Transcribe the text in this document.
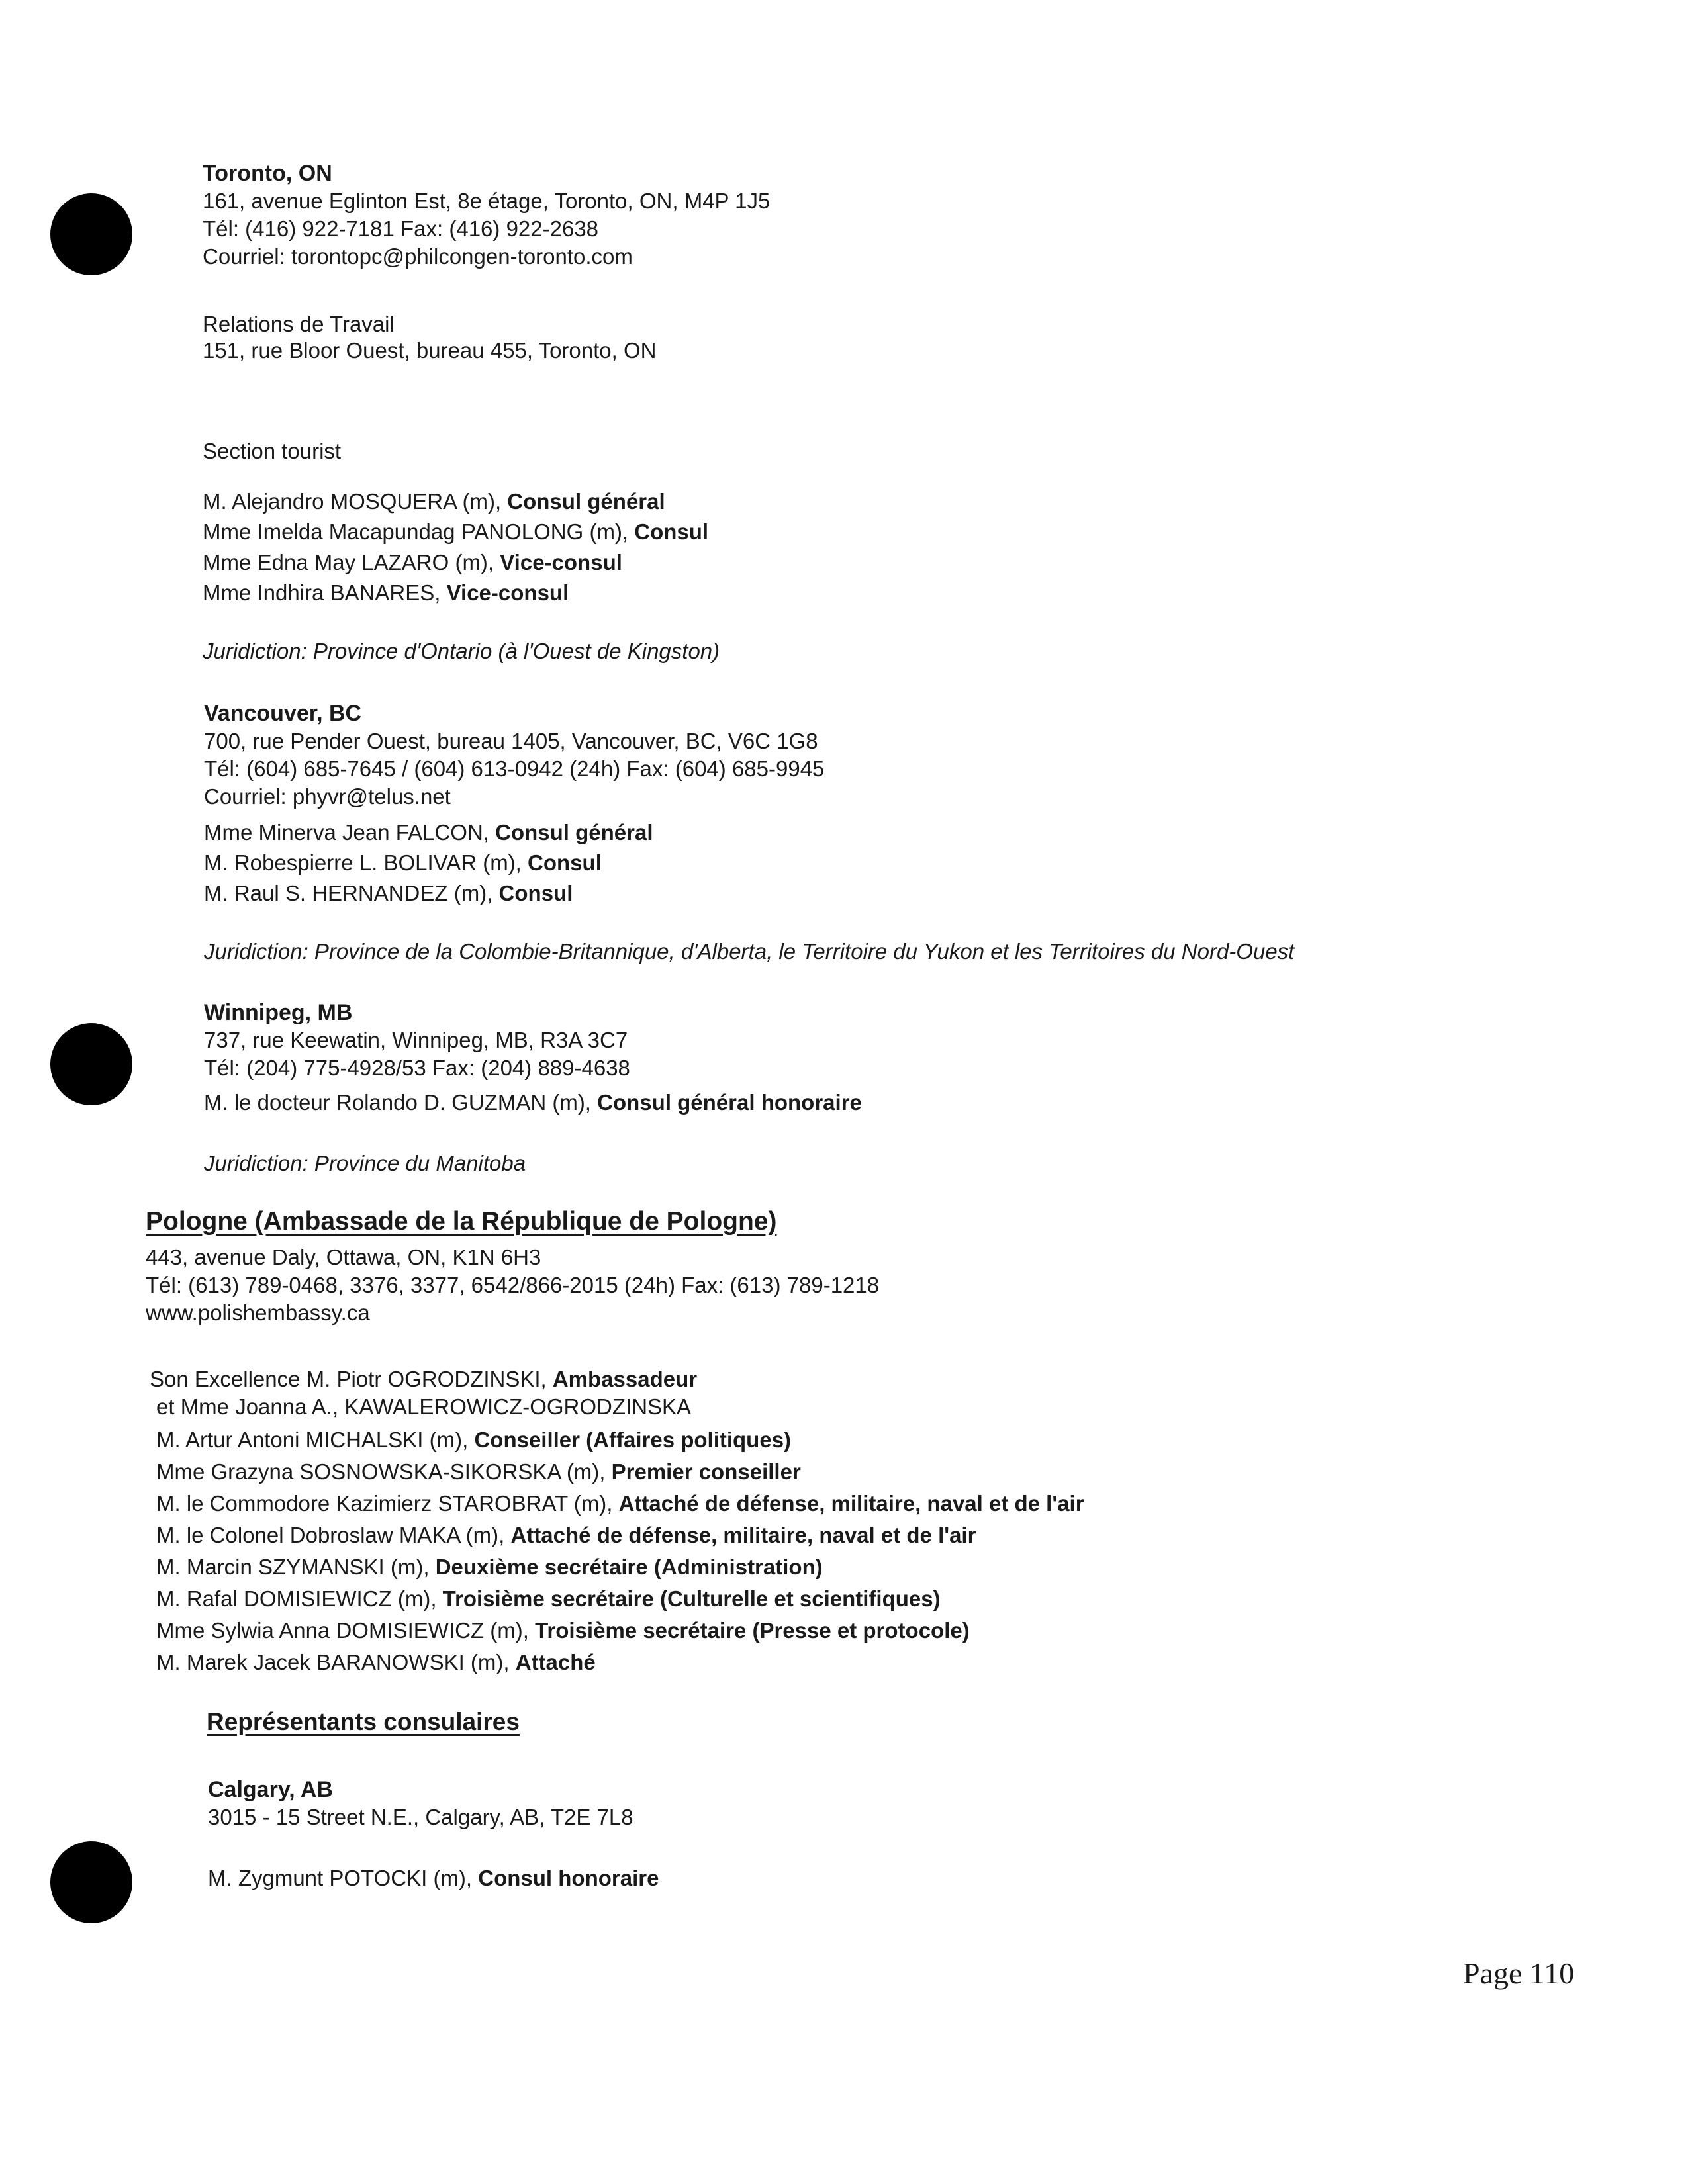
Toronto, ON
161, avenue Eglinton Est, 8e étage, Toronto, ON, M4P 1J5
Tél: (416) 922-7181 Fax: (416) 922-2638
Courriel: torontopc@philcongen-toronto.com
Relations de Travail
151, rue Bloor Ouest, bureau 455, Toronto, ON
Section tourist
M. Alejandro MOSQUERA (m), Consul général
Mme Imelda Macapundag PANOLONG (m), Consul
Mme Edna May LAZARO (m), Vice-consul
Mme Indhira BANARES, Vice-consul
Juridiction: Province d'Ontario (à l'Ouest de Kingston)
Vancouver, BC
700, rue Pender Ouest, bureau 1405, Vancouver, BC, V6C 1G8
Tél: (604) 685-7645 / (604) 613-0942 (24h) Fax: (604) 685-9945
Courriel: phyvr@telus.net
Mme Minerva Jean FALCON, Consul général
M. Robespierre L. BOLIVAR (m), Consul
M. Raul S. HERNANDEZ (m), Consul
Juridiction: Province de la Colombie-Britannique, d'Alberta, le Territoire du Yukon et les Territoires du Nord-Ouest
Winnipeg, MB
737, rue Keewatin, Winnipeg, MB, R3A 3C7
Tél: (204) 775-4928/53 Fax: (204) 889-4638
M. le docteur Rolando D. GUZMAN (m), Consul général honoraire
Juridiction: Province du Manitoba
Pologne (Ambassade de la République de Pologne)
443, avenue Daly, Ottawa, ON, K1N 6H3
Tél: (613) 789-0468, 3376, 3377, 6542/866-2015 (24h) Fax: (613) 789-1218
www.polishembassy.ca
Son Excellence M. Piotr OGRODZINSKI, Ambassadeur
et Mme Joanna A., KAWALEROWICZ-OGRODZINSKA
M. Artur Antoni MICHALSKI (m), Conseiller (Affaires politiques)
Mme Grazyna SOSNOWSKA-SIKORSKA (m), Premier conseiller
M. le Commodore Kazimierz STAROBRAT (m), Attaché de défense, militaire, naval et de l'air
M. le Colonel Dobroslaw MAKA (m), Attaché de défense, militaire, naval et de l'air
M. Marcin SZYMANSKI (m), Deuxième secrétaire (Administration)
M. Rafal DOMISIEWICZ (m), Troisième secrétaire (Culturelle et scientifiques)
Mme Sylwia Anna DOMISIEWICZ (m), Troisième secrétaire (Presse et protocole)
M. Marek Jacek BARANOWSKI (m), Attaché
Représentants consulaires
Calgary, AB
3015 - 15 Street N.E., Calgary, AB, T2E 7L8
M. Zygmunt POTOCKI (m), Consul honoraire
Page 110
